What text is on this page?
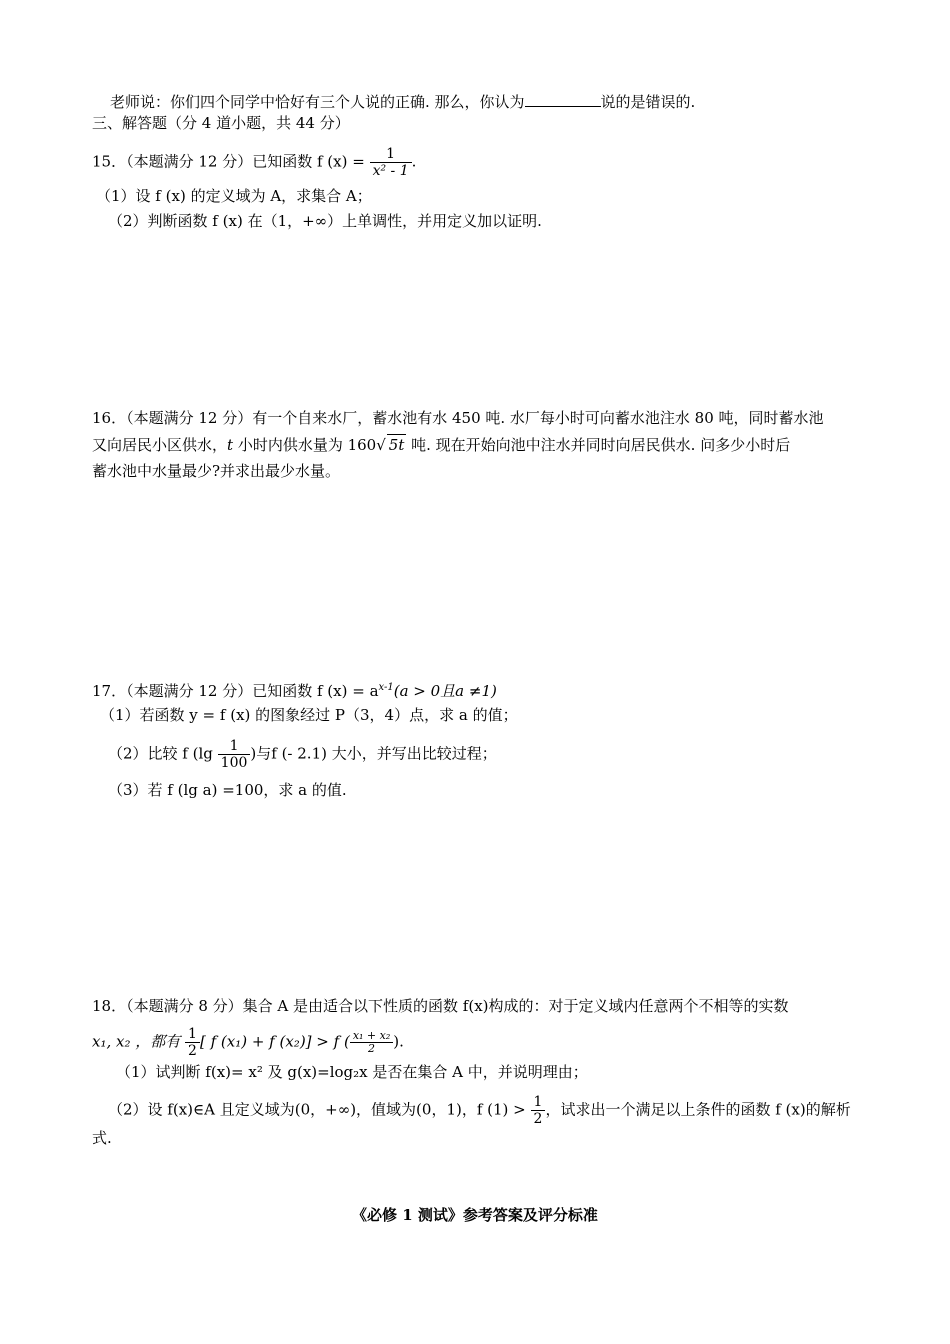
老师说：你们四个同学中恰好有三个人说的正确. 那么，你认为	说的是错误的.
三、解答题（分 4 道小题，共 44 分）
15．（本题满分 12 分）已知函数 f $(x) = \frac{1}{\text{x² - 1}}$ .
（1）设 f (x) 的定义域为 A，求集合 A；
（2）判断函数 f (x) 在（1，+∞）上单调性，并用定义加以证明.
16．（本题满分 12 分）有一个自来水厂，蓄水池有水 450 吨. 水厂每小时可向蓄水池注水 80 吨，同时蓄水池
又向居民小区供水，t 小时内供水量为 160√ 5t 吨. 现在开始向池中注水并同时向居民供水. 问多少小时后
蓄水池中水量最少?并求出最少水量。
17．（本题满分 12 分）已知函数 f $(x) = a^{x-1}(a > 0$且a ≠1)
（1）若函数 y = f (x) 的图象经过 P（3，4）点，求 a 的值；
（2）比较 f ($\lg \frac{1}{100}$ )与f (- 2.1) 大小，并写出比较过程；
（3）若 f (lg a) =100，求 a 的值.
18．（本题满分 8 分）集合 A 是由适合以下性质的函数 f(x)构成的：对于定义域内任意两个不相等的实数
x₁, x₂ ，都有 $\frac{1}{2}$ [ f (x₁) + f (x₂)] > f ( $\frac{\text{x₁ + x₂}}{2}$ ).
（1）试判断 f(x)= x² 及 g(x)=log₂x 是否在集合 A 中，并说明理由；
（2）设 f(x)∈A 且定义域为(0，+∞)，值域为(0，1)，f $(1) > \frac{1}{2}$ ，试求出一个满足以上条件的函数 f (x)的解析
式.
《必修 1 测试》参考答案及评分标准
